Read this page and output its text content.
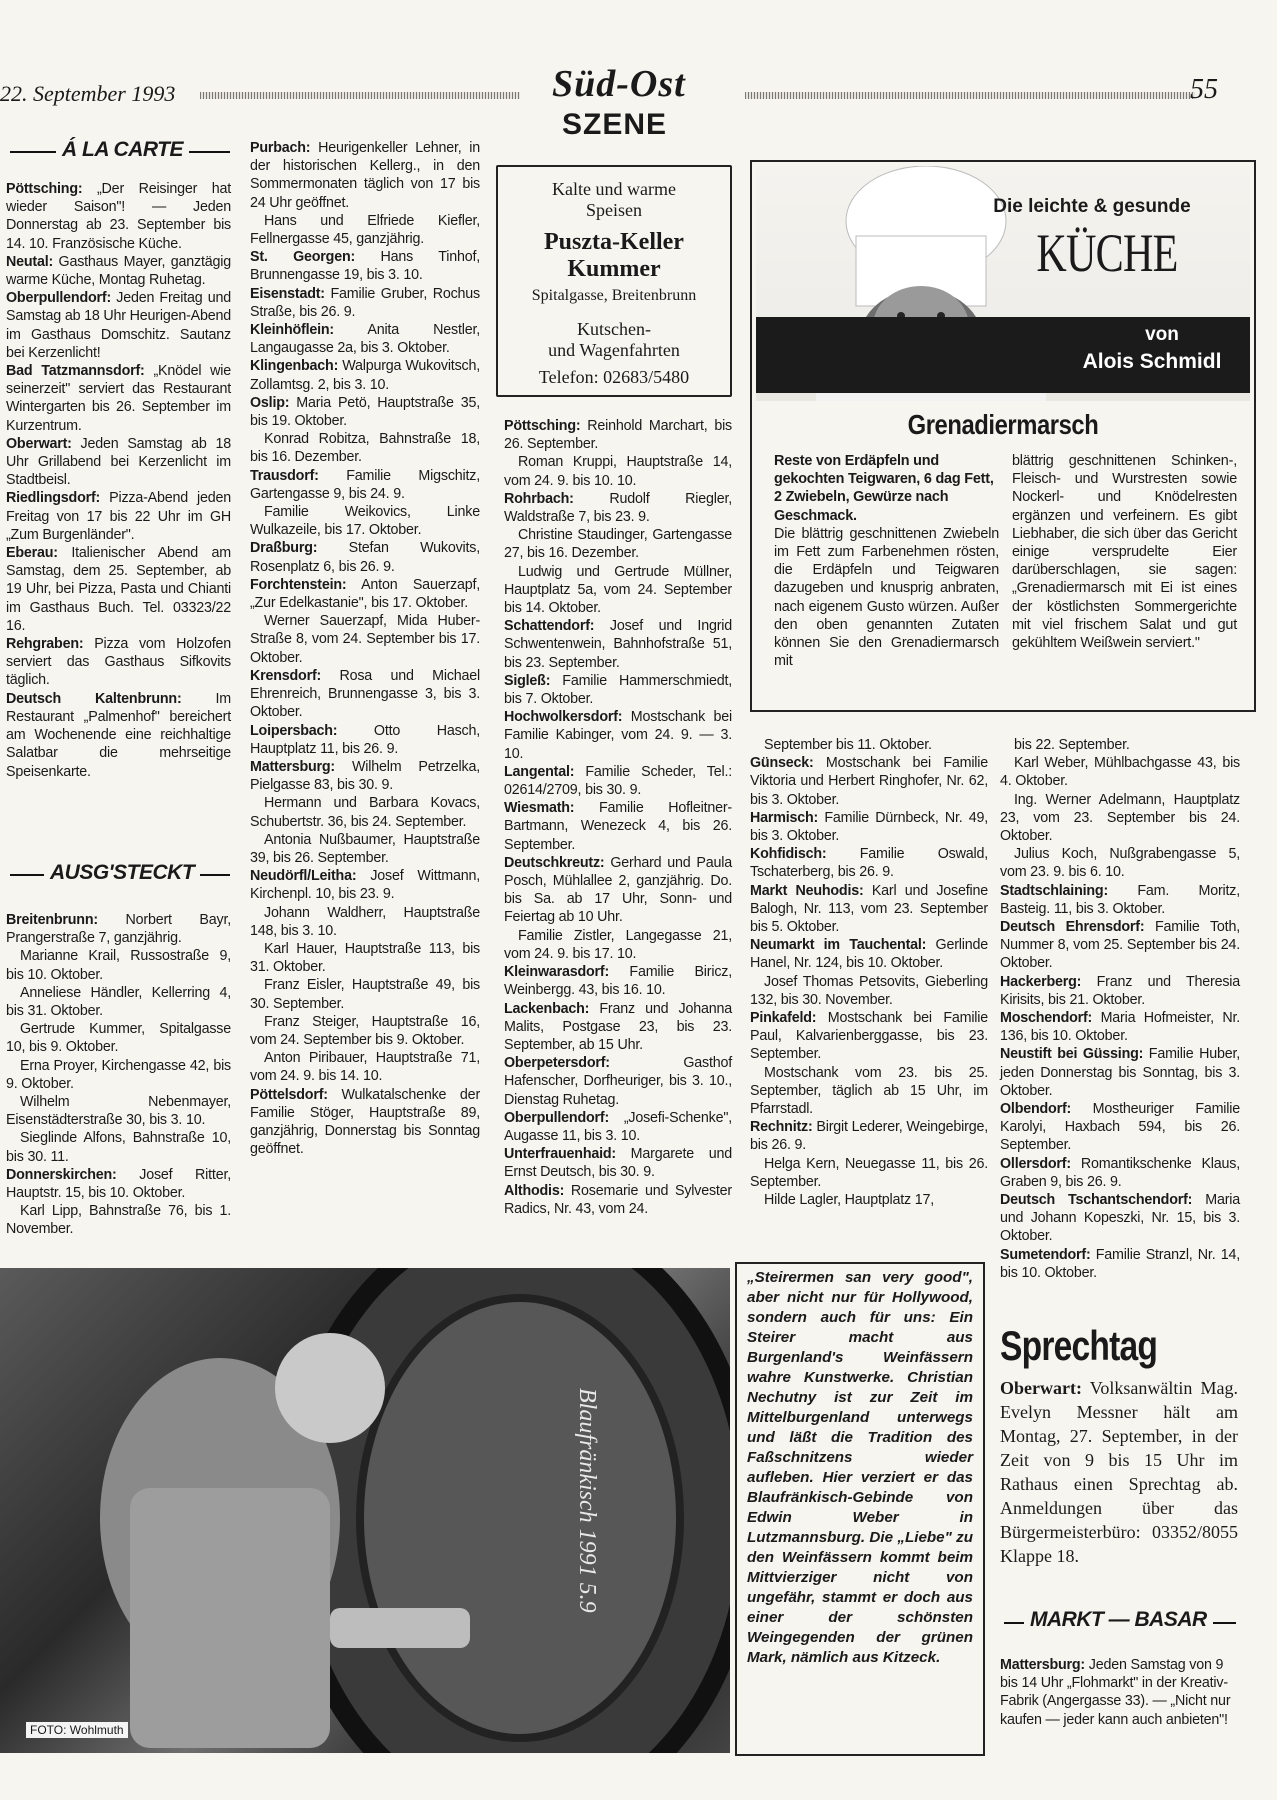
22. September 1993	Süd-Ost
SZENE
55
Á LA CARTE

Pöttsching: „Der Reisinger hat wieder Saison"! — Jeden Donnerstag ab 23. September bis 14. 10. Französische Küche.

Neutal: Gasthaus Mayer, ganztägig warme Küche, Montag Ruhetag.

Oberpullendorf: Jeden Freitag und Samstag ab 18 Uhr Heurigen-Abend im Gasthaus Domschitz. Sautanz bei Kerzenlicht!

Bad Tatzmannsdorf: „Knödel wie seinerzeit" serviert das Restaurant Wintergarten bis 26. September im Kurzentrum.

Oberwart: Jeden Samstag ab 18 Uhr Grillabend bei Kerzenlicht im Stadtbeisl.

Riedlingsdorf: Pizza-Abend jeden Freitag von 17 bis 22 Uhr im GH „Zum Burgenländer".

Eberau: Italienischer Abend am Samstag, dem 25. September, ab 19 Uhr, bei Pizza, Pasta und Chianti im Gasthaus Buch. Tel. 03323/22 16.

Rehgraben: Pizza vom Holzofen serviert das Gasthaus Sifkovits täglich.

Deutsch Kaltenbrunn: Im Restaurant „Palmenhof" bereichert am Wochenende eine reichhaltige Salatbar die mehrseitige Speisenkarte.

AUSG'STECKT

Breitenbrunn: Norbert Bayr, Prangerstraße 7, ganzjährig.

Marianne Krail, Russostraße 9, bis 10. Oktober.

Anneliese Händler, Kellerring 4, bis 31. Oktober.

Gertrude Kummer, Spitalgasse 10, bis 9. Oktober.

Erna Proyer, Kirchengasse 42, bis 9. Oktober.

Wilhelm Nebenmayer, Eisenstädterstraße 30, bis 3. 10.

Sieglinde Alfons, Bahnstraße 10, bis 30. 11.

Donnerskirchen: Josef Ritter, Hauptstr. 15, bis 10. Oktober.

Karl Lipp, Bahnstraße 76, bis 1. November.

Purbach: Heurigenkeller Lehner, in der historischen Kellerg., in den Sommermonaten täglich von 17 bis 24 Uhr geöffnet.

Hans und Elfriede Kiefler, Fellnergasse 45, ganzjährig.

St. Georgen: Hans Tinhof, Brunnengasse 19, bis 3. 10.

Eisenstadt: Familie Gruber, Rochus Straße, bis 26. 9.

Kleinhöflein: Anita Nestler, Langaugasse 2a, bis 3. Oktober.

Klingenbach: Walpurga Wukovitsch, Zollamtsg. 2, bis 3. 10.

Oslip: Maria Petö, Hauptstraße 35, bis 19. Oktober.

Konrad Robitza, Bahnstraße 18, bis 16. Dezember.

Trausdorf: Familie Migschitz, Gartengasse 9, bis 24. 9.

Familie Weikovics, Linke Wulkazeile, bis 17. Oktober.

Draßburg: Stefan Wukovits, Rosenplatz 6, bis 26. 9.

Forchtenstein: Anton Sauerzapf, „Zur Edelkastanie", bis 17. Oktober.

Werner Sauerzapf, Mida Huber-Straße 8, vom 24. September bis 17. Oktober.

Krensdorf: Rosa und Michael Ehrenreich, Brunnengasse 3, bis 3. Oktober.

Loipersbach: Otto Hasch, Hauptplatz 11, bis 26. 9.

Mattersburg: Wilhelm Petrzelka, Pielgasse 83, bis 30. 9.

Hermann und Barbara Kovacs, Schubertstr. 36, bis 24. September.

Antonia Nußbaumer, Hauptstraße 39, bis 26. September.

Neudörfl/Leitha: Josef Wittmann, Kirchenpl. 10, bis 23. 9.

Johann Waldherr, Hauptstraße 148, bis 3. 10.

Karl Hauer, Hauptstraße 113, bis 31. Oktober.

Franz Eisler, Hauptstraße 49, bis 30. September.

Franz Steiger, Hauptstraße 16, vom 24. September bis 9. Oktober.

Anton Piribauer, Hauptstraße 71, vom 24. 9. bis 14. 10.

Pöttelsdorf: Wulkatalschenke der Familie Stöger, Hauptstraße 89, ganzjährig, Donnerstag bis Sonntag geöffnet.

Kalte und warme
Speisen
Puszta-Keller
Kummer
Spitalgasse, Breitenbrunn
Kutschen-
und Wagenfahrten
Telefon: 02683/5480

Pöttsching: Reinhold Marchart, bis 26. September.

Roman Kruppi, Hauptstraße 14, vom 24. 9. bis 10. 10.

Rohrbach: Rudolf Riegler, Waldstraße 7, bis 23. 9.

Christine Staudinger, Gartengasse 27, bis 16. Dezember.

Ludwig und Gertrude Müllner, Hauptplatz 5a, vom 24. September bis 14. Oktober.

Schattendorf: Josef und Ingrid Schwentenwein, Bahnhofstraße 51, bis 23. September.

Sigleß: Familie Hammerschmiedt, bis 7. Oktober.

Hochwolkersdorf: Mostschank bei Familie Kabinger, vom 24. 9. — 3. 10.

Langental: Familie Scheder, Tel.: 02614/2709, bis 30. 9.

Wiesmath: Familie Hofleitner-Bartmann, Wenezeck 4, bis 26. September.

Deutschkreutz: Gerhard und Paula Posch, Mühlallee 2, ganzjährig. Do. bis Sa. ab 17 Uhr, Sonn- und Feiertag ab 10 Uhr.

Familie Zistler, Langegasse 21, vom 24. 9. bis 17. 10.

Kleinwarasdorf: Familie Biricz, Weinbergg. 43, bis 16. 10.

Lackenbach: Franz und Johanna Malits, Postgase 23, bis 23. September, ab 15 Uhr.

Oberpetersdorf: Gasthof Hafenscher, Dorfheuriger, bis 3. 10., Dienstag Ruhetag.

Oberpullendorf: „Josefi-Schenke", Augasse 11, bis 3. 10.

Unterfrauenhaid: Margarete und Ernst Deutsch, bis 30. 9.

Althodis: Rosemarie und Sylvester Radics, Nr. 43, vom 24.

Die leichte & gesunde
KÜCHE
von
Alois Schmidl
Grenadiermarsch

Reste von Erdäpfeln und gekochten Teigwaren, 6 dag Fett, 2 Zwiebeln, Gewürze nach Geschmack.

Die blättrig geschnittenen Zwiebeln im Fett zum Farbenehmen rösten, die Erdäpfeln und Teigwaren dazugeben und knusprig anbraten, nach eigenem Gusto würzen. Außer den oben genannten Zutaten können Sie den Grenadiermarsch mit

blättrig geschnittenen Schinken-, Fleisch- und Wurstresten sowie Nockerl- und Knödelresten ergänzen und verfeinern. Es gibt Liebhaber, die sich über das Gericht einige versprudelte Eier darüberschlagen, sie sagen: „Grenadiermarsch mit Ei ist eines der köstlichsten Sommergerichte mit viel frischem Salat und gut gekühltem Weißwein serviert."

September bis 11. Oktober.

Günseck: Mostschank bei Familie Viktoria und Herbert Ringhofer, Nr. 62, bis 3. Oktober.

Harmisch: Familie Dürnbeck, Nr. 49, bis 3. Oktober.

Kohfidisch: Familie Oswald, Tschaterberg, bis 26. 9.

Markt Neuhodis: Karl und Josefine Balogh, Nr. 113, vom 23. September bis 5. Oktober.

Neumarkt im Tauchental: Gerlinde Hanel, Nr. 124, bis 10. Oktober.

Josef Thomas Petsovits, Gieberling 132, bis 30. November.

Pinkafeld: Mostschank bei Familie Paul, Kalvarienberggasse, bis 23. September.

Mostschank vom 23. bis 25. September, täglich ab 15 Uhr, im Pfarrstadl.

Rechnitz: Birgit Lederer, Weingebirge, bis 26. 9.

Helga Kern, Neuegasse 11, bis 26. September.

Hilde Lagler, Hauptplatz 17,

bis 22. September.

Karl Weber, Mühlbachgasse 43, bis 4. Oktober.

Ing. Werner Adelmann, Hauptplatz 23, vom 23. September bis 24. Oktober.

Julius Koch, Nußgrabengasse 5, vom 23. 9. bis 6. 10.

Stadtschlaining: Fam. Moritz, Basteig. 11, bis 3. Oktober.

Deutsch Ehrensdorf: Familie Toth, Nummer 8, vom 25. September bis 24. Oktober.

Hackerberg: Franz und Theresia Kirisits, bis 21. Oktober.

Moschendorf: Maria Hofmeister, Nr. 136, bis 10. Oktober.

Neustift bei Güssing: Familie Huber, jeden Donnerstag bis Sonntag, bis 3. Oktober.

Olbendorf: Mostheuriger Familie Karolyi, Haxbach 594, bis 26. September.

Ollersdorf: Romantikschenke Klaus, Graben 9, bis 26. 9.

Deutsch Tschantschendorf: Maria und Johann Kopeszki, Nr. 15, bis 3. Oktober.

Sumetendorf: Familie Stranzl, Nr. 14, bis 10. Oktober.

Sprechtag
Oberwart: Volksanwältin Mag. Evelyn Messner hält am Montag, 27. September, in der Zeit von 9 bis 15 Uhr im Rathaus einen Sprechtag ab. Anmeldungen über das Bürgermeisterbüro: 03352/8055 Klappe 18.
MARKT — BASAR

Mattersburg: Jeden Samstag von 9 bis 14 Uhr „Flohmarkt" in der Kreativ-Fabrik (Angergasse 33). — „Nicht nur kaufen — jeder kann auch anbieten"!

Blaufränkisch 1991 5.9
FOTO: Wohlmuth
„Steirermen san very good", aber nicht nur für Hollywood, sondern auch für uns: Ein Steirer macht aus Burgenland's Weinfässern wahre Kunstwerke. Christian Nechutny ist zur Zeit im Mittelburgenland unterwegs und läßt die Tradition des Faßschnitzens wieder aufleben. Hier verziert er das Blaufränkisch-Gebinde von Edwin Weber in Lutzmannsburg. Die „Liebe" zu den Weinfässern kommt beim Mittvierziger nicht von ungefähr, stammt er doch aus einer der schönsten Weingegenden der grünen Mark, nämlich aus Kitzeck.
